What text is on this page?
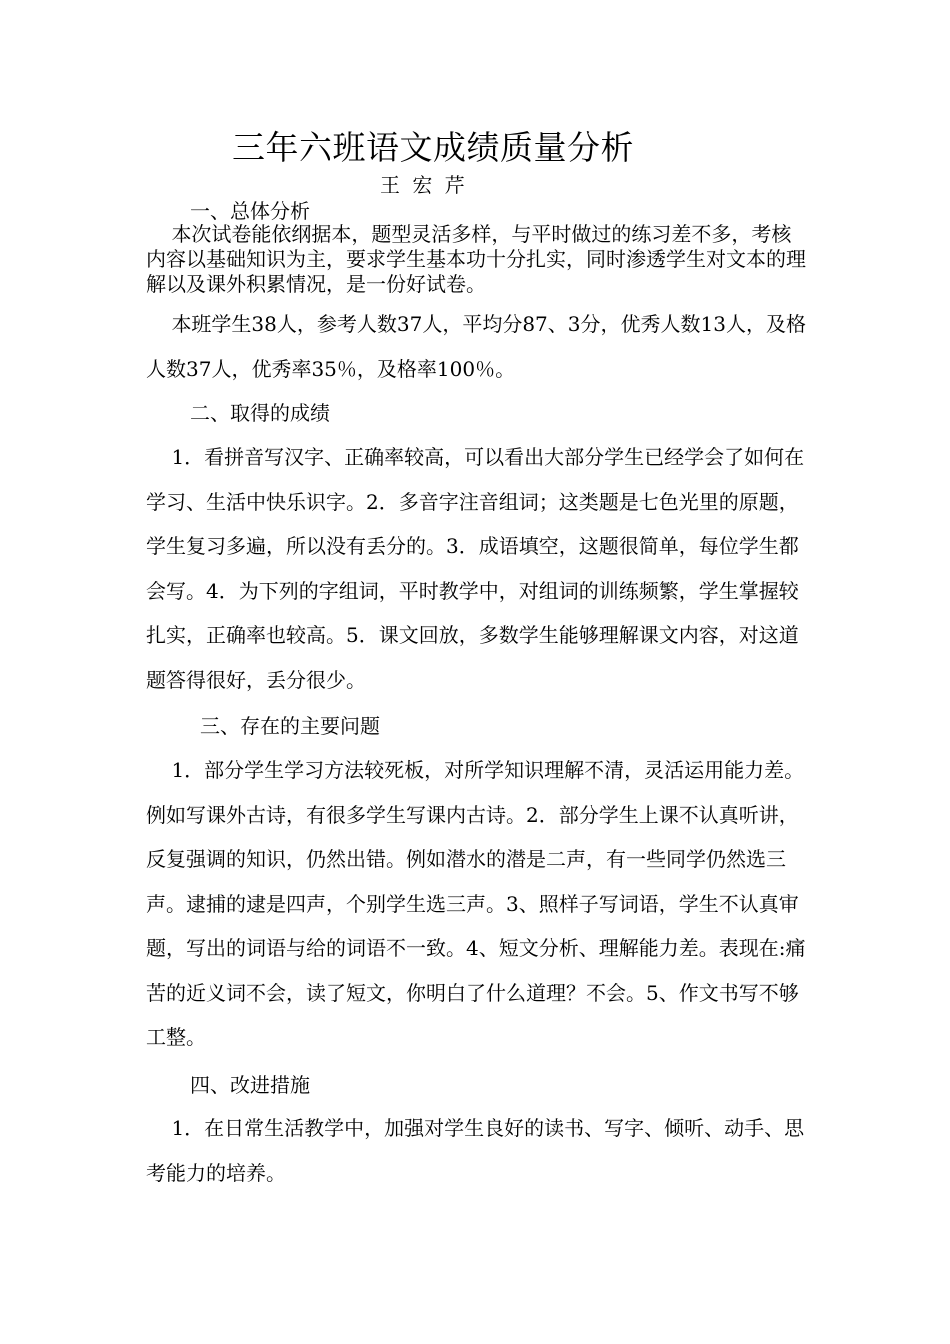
三年六班语文成绩质量分析
王 宏 芹
一、总体分析
本次试卷能依纲据本，题型灵活多样，与平时做过的练习差不多，考核内容以基础知识为主，要求学生基本功十分扎实，同时渗透学生对文本的理解以及课外积累情况，是一份好试卷。
本班学生38人，参考人数37人，平均分87、3分，优秀人数13人，及格人数37人，优秀率35％，及格率100％。
二、取得的成绩
1．看拼音写汉字、正确率较高，可以看出大部分学生已经学会了如何在学习、生活中快乐识字。2．多音字注音组词；这类题是七色光里的原题，学生复习多遍，所以没有丢分的。3．成语填空，这题很简单，每位学生都会写。4．为下列的字组词，平时教学中，对组词的训练频繁，学生掌握较扎实，正确率也较高。5．课文回放，多数学生能够理解课文内容，对这道题答得很好，丢分很少。
三、存在的主要问题
1．部分学生学习方法较死板，对所学知识理解不清，灵活运用能力差。例如写课外古诗，有很多学生写课内古诗。2．部分学生上课不认真听讲，反复强调的知识，仍然出错。例如潜水的潜是二声，有一些同学仍然选三声。逮捕的逮是四声，个别学生选三声。3、照样子写词语，学生不认真审题，写出的词语与给的词语不一致。4、短文分析、理解能力差。表现在:痛苦的近义词不会，读了短文，你明白了什么道理？不会。5、作文书写不够工整。
四、改进措施
1．在日常生活教学中，加强对学生良好的读书、写字、倾听、动手、思考能力的培养。
